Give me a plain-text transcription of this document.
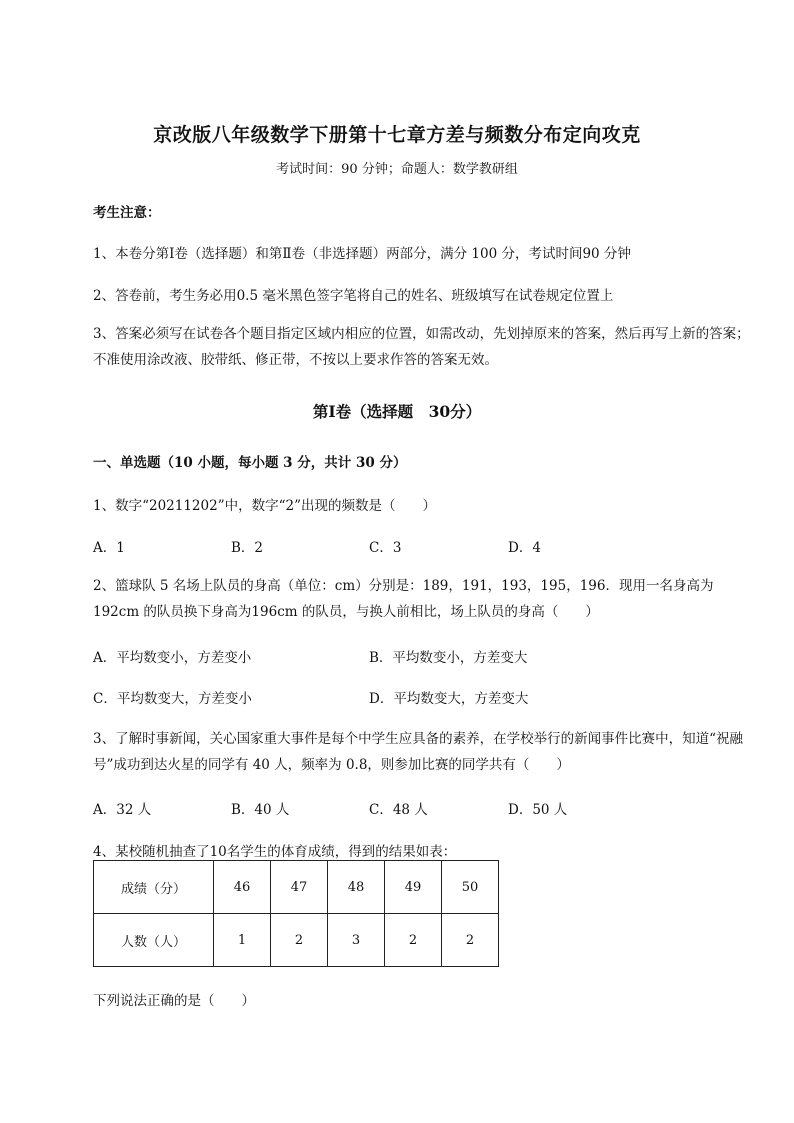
京改版八年级数学下册第十七章方差与频数分布定向攻克
考试时间：90 分钟；命题人：数学教研组
考生注意：
1、本卷分第Ⅰ卷（选择题）和第Ⅱ卷（非选择题）两部分，满分 100 分，考试时间90 分钟
2、答卷前，考生务必用0.5 毫米黑色签字笔将自己的姓名、班级填写在试卷规定位置上
3、答案必须写在试卷各个题目指定区域内相应的位置，如需改动，先划掉原来的答案，然后再写上新的答案；不准使用涂改液、胶带纸、修正带，不按以上要求作答的答案无效。
第Ⅰ卷（选择题　30分）
一、单选题（10 小题，每小题 3 分，共计 30 分）
1、数字“20211202”中，数字“2”出现的频数是（　　）
A．1	B．2	C．3	D．4
2、篮球队 5 名场上队员的身高（单位：cm）分别是：189，191，193，195，196．现用一名身高为192cm 的队员换下身高为196cm 的队员，与换人前相比，场上队员的身高（　　）
A．平均数变小，方差变小	B．平均数变小，方差变大
C．平均数变大，方差变小	D．平均数变大，方差变大
3、了解时事新闻，关心国家重大事件是每个中学生应具备的素养，在学校举行的新闻事件比赛中，知道“祝融号”成功到达火星的同学有 40 人，频率为 0.8，则参加比赛的同学共有（　　）
A．32 人	B．40 人	C．48 人	D．50 人
4、某校随机抽查了10名学生的体育成绩，得到的结果如表：
成绩（分）	46	47	48	49	50
人数（人）	1	2	3	2	2
下列说法正确的是（　　）
